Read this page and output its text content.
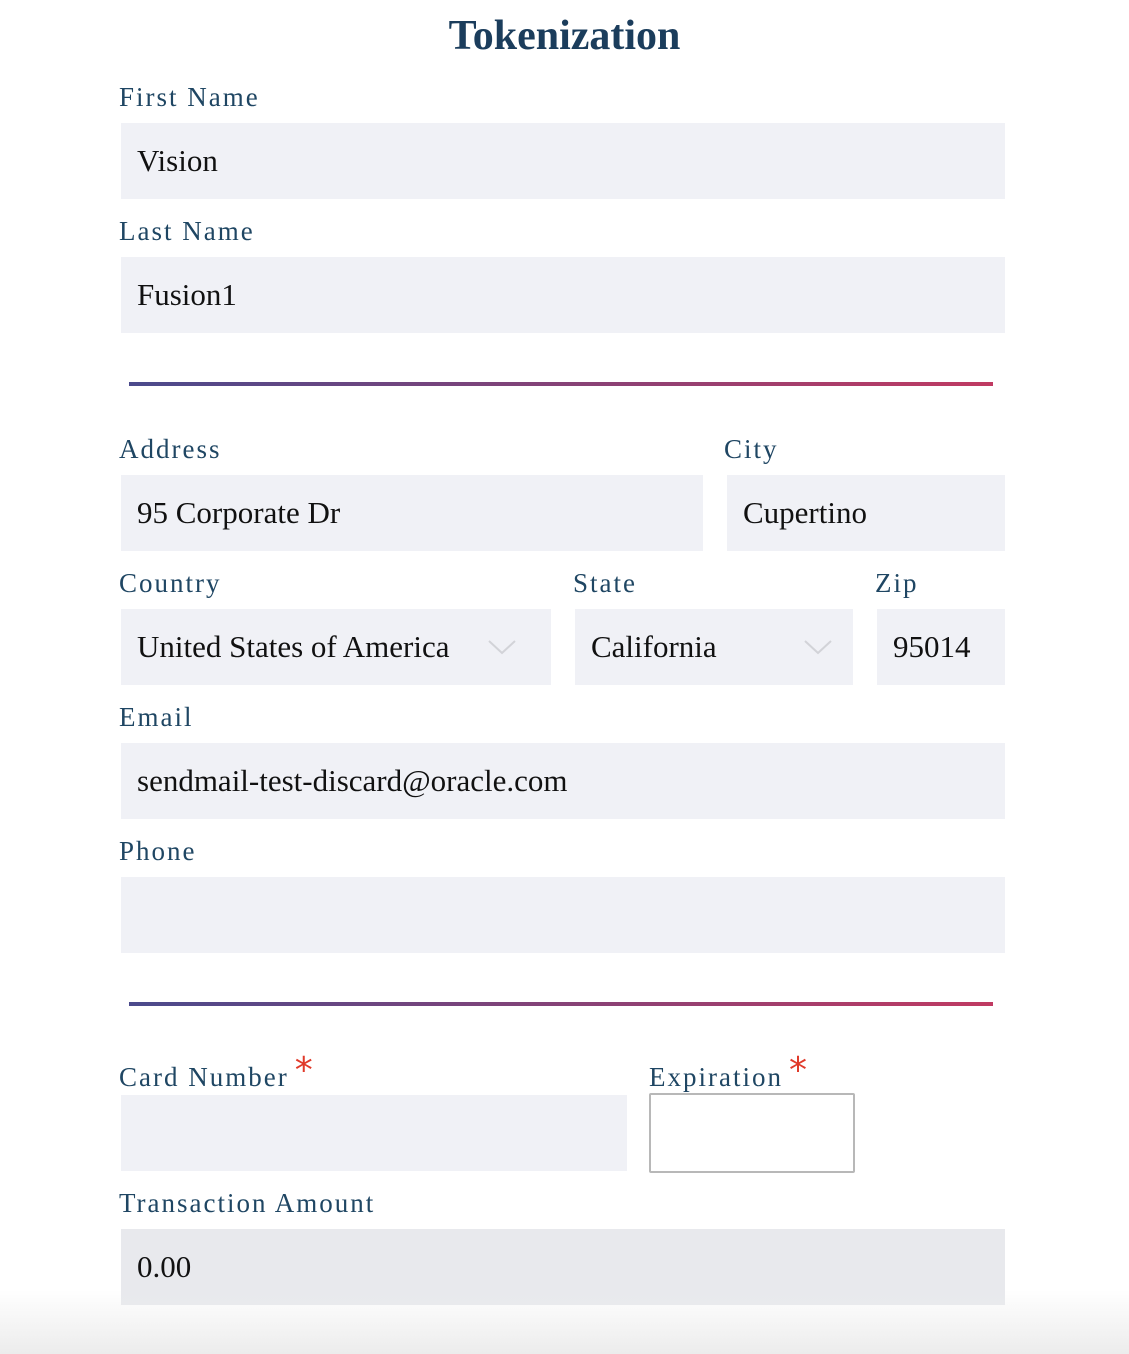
Tokenization
First Name
Vision
Last Name
Fusion1
Address
95 Corporate Dr
City
Cupertino
Country
United States of America
State
California
Zip
95014
Email
sendmail-test-discard@oracle.com
Phone
Card Number *	Expiration *
Transaction Amount
0.00
